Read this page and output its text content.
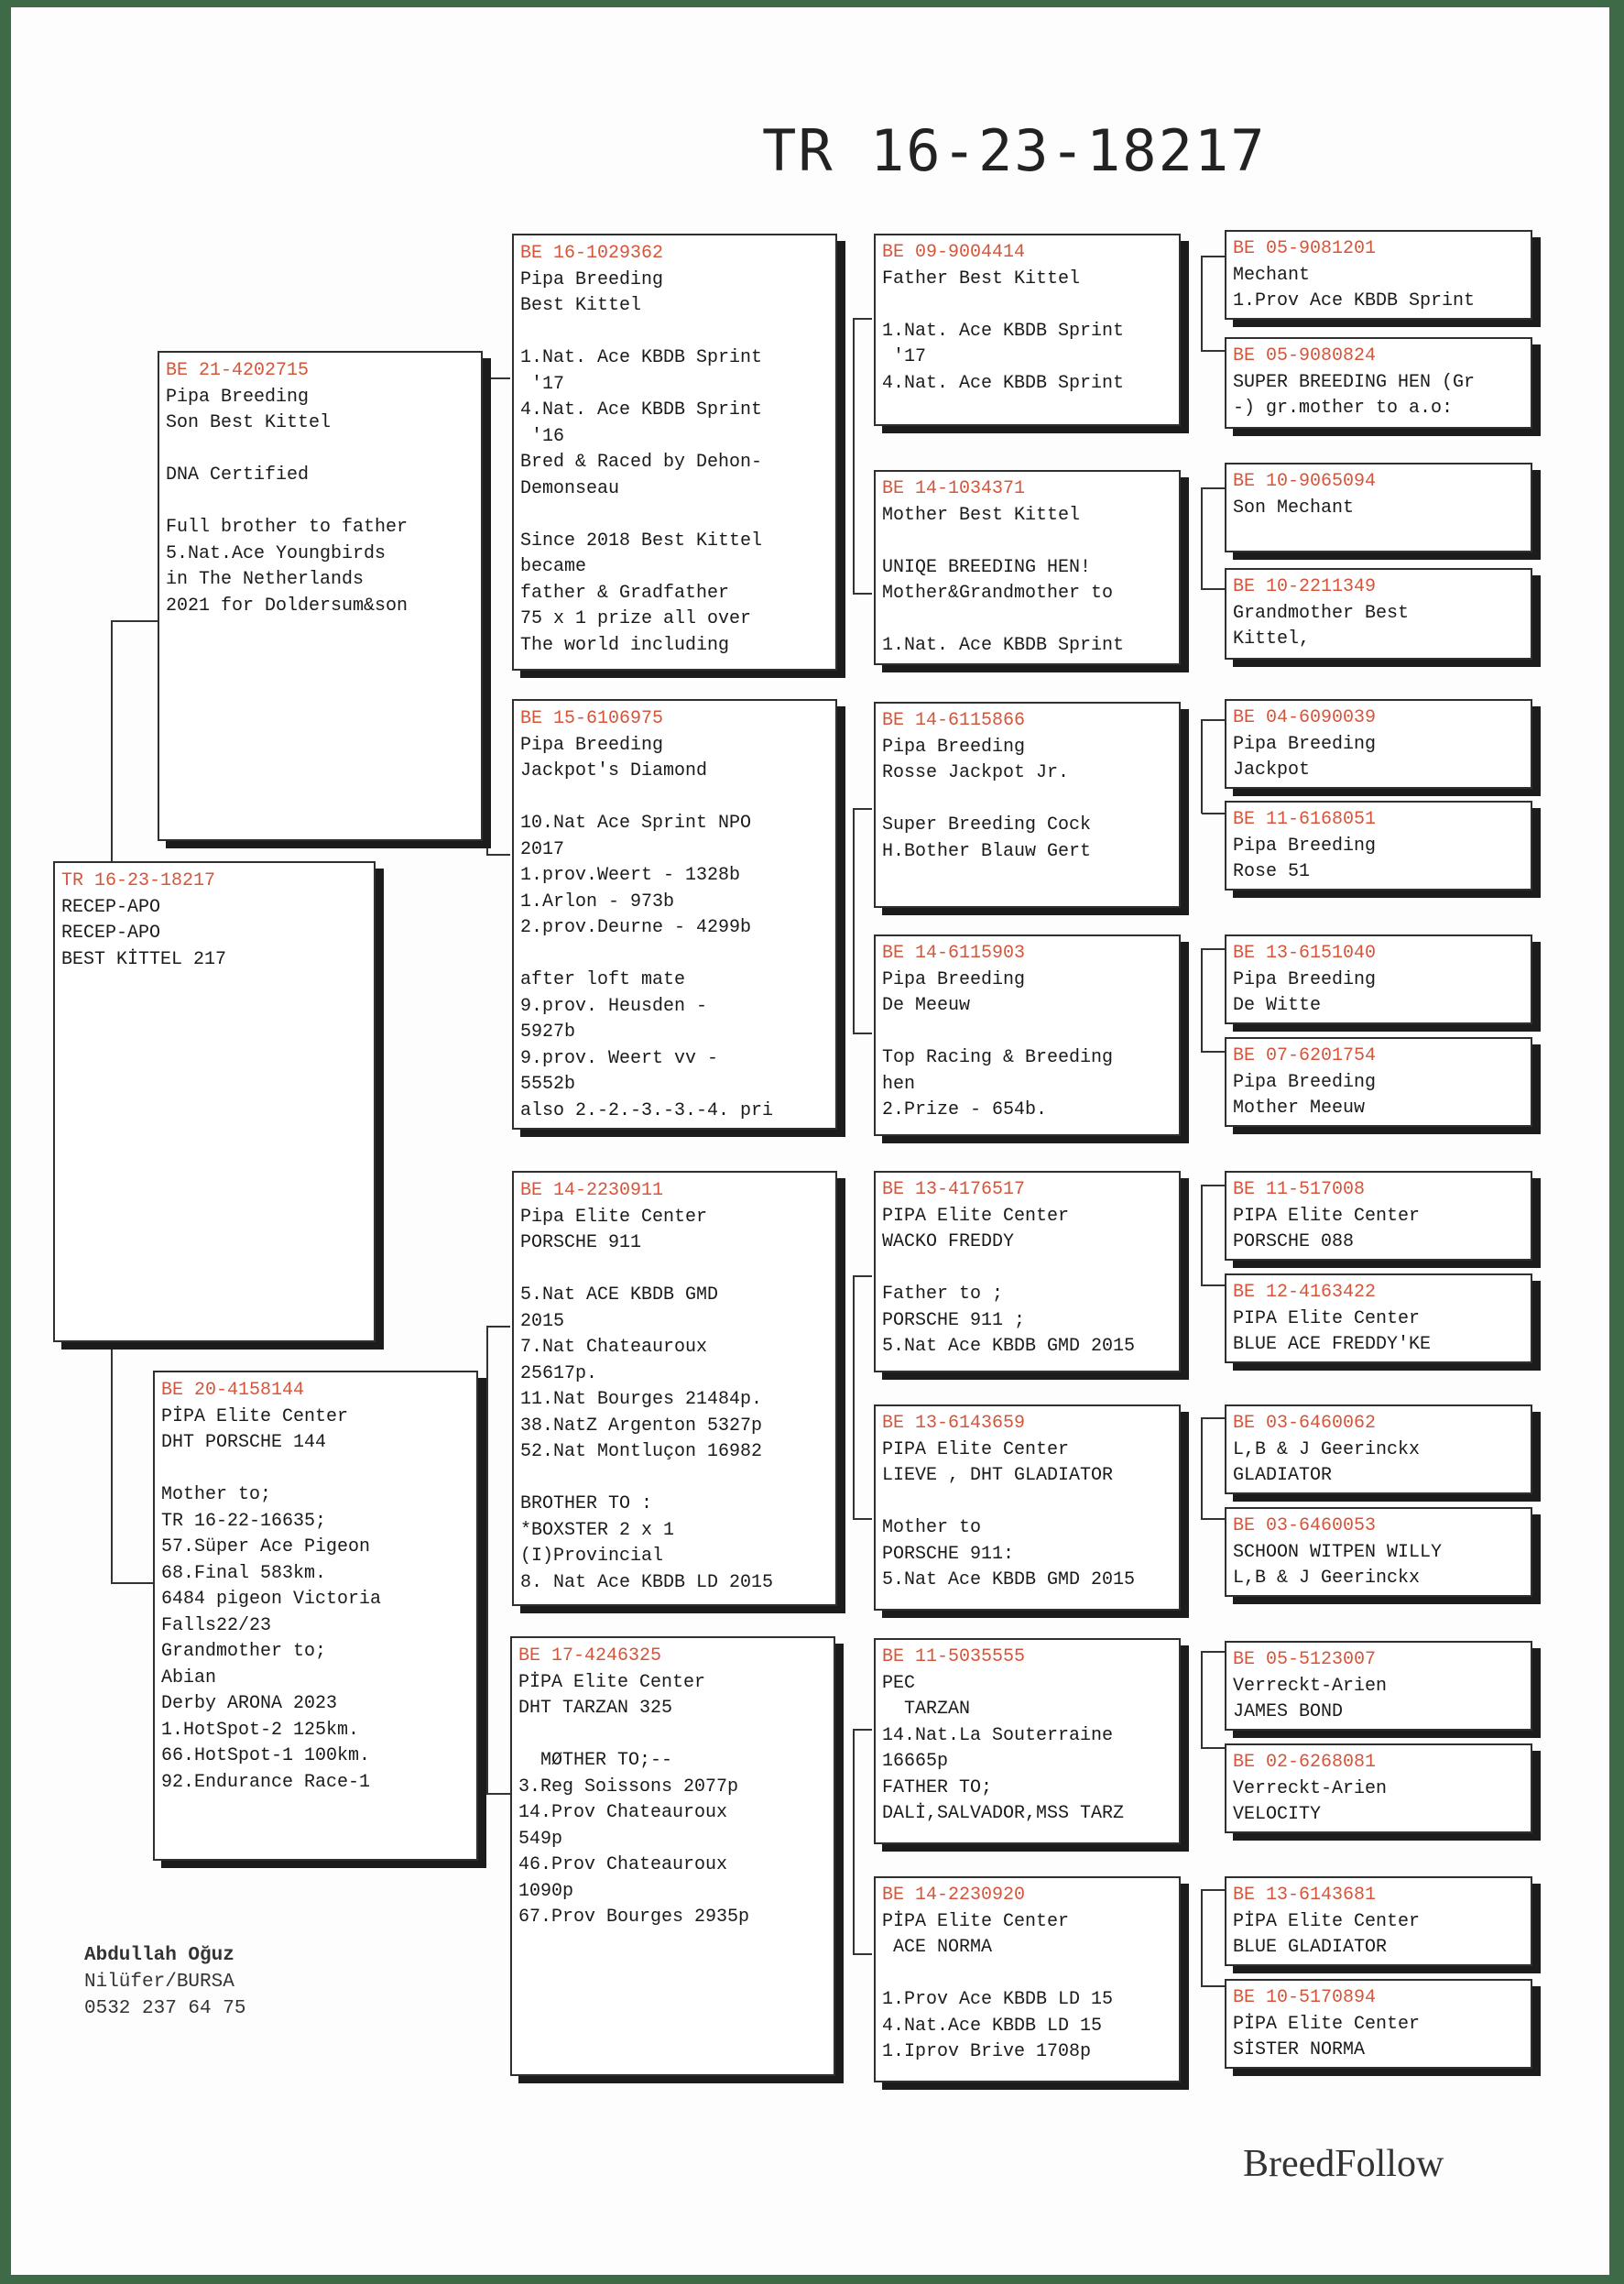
TR 16-23-18217
TR 16-23-18217
RECEP-APO
RECEP-APO
BEST KİTTEL 217
BE 21-4202715
Pipa Breeding
Son Best Kittel
DNA Certified
Full brother to father
5.Nat.Ace Youngbirds
in The Netherlands
2021 for Doldersum&son
BE 20-4158144
PİPA Elite Center
DHT PORSCHE 144
Mother to;
TR 16-22-16635;
57.Süper Ace Pigeon
68.Final 583km.
6484 pigeon Victoria
Falls22/23
Grandmother to;
Abian
Derby ARONA 2023
1.HotSpot-2 125km.
66.HotSpot-1 100km.
92.Endurance Race-1
BE 16-1029362
Pipa Breeding
Best Kittel
1.Nat. Ace KBDB Sprint
'17
4.Nat. Ace KBDB Sprint
'16
Bred & Raced by Dehon-
Demonseau
Since 2018 Best Kittel
became
father & Gradfather
75 x 1 prize all over
The world including
BE 15-6106975
Pipa Breeding
Jackpot's Diamond
10.Nat Ace Sprint NPO
2017
1.prov.Weert - 1328b
1.Arlon - 973b
2.prov.Deurne - 4299b
after loft mate
9.prov. Heusden -
5927b
9.prov. Weert vv -
5552b
also 2.-2.-3.-3.-4. pri
BE 14-2230911
Pipa Elite Center
PORSCHE 911
5.Nat ACE KBDB GMD
2015
7.Nat Chateauroux
25617p.
11.Nat Bourges 21484p.
38.NatZ Argenton 5327p
52.Nat Montluçon 16982
BROTHER TO :
*BOXSTER 2 x 1
(I)Provincial
8. Nat Ace KBDB LD 2015
BE 17-4246325
PİPA Elite Center
DHT TARZAN 325
MØTHER TO;--
3.Reg Soissons 2077p
14.Prov Chateauroux
549p
46.Prov Chateauroux
1090p
67.Prov Bourges 2935p
BE 09-9004414
Father Best Kittel
1.Nat. Ace KBDB Sprint
'17
4.Nat. Ace KBDB Sprint
BE 14-1034371
Mother Best Kittel
UNIQE BREEDING HEN!
Mother&Grandmother to
1.Nat. Ace KBDB Sprint
BE 14-6115866
Pipa Breeding
Rosse Jackpot Jr.
Super Breeding Cock
H.Bother Blauw Gert
BE 14-6115903
Pipa Breeding
De Meeuw
Top Racing & Breeding
hen
2.Prize - 654b.
BE 13-4176517
PIPA Elite Center
WACKO FREDDY
Father to ;
PORSCHE 911 ;
5.Nat Ace KBDB GMD 2015
BE 13-6143659
PIPA Elite Center
LIEVE , DHT GLADIATOR
Mother to
PORSCHE 911:
5.Nat Ace KBDB GMD 2015
BE 11-5035555
PEC
TARZAN
14.Nat.La Souterraine
16665p
FATHER TO;
DALİ,SALVADOR,MSS TARZ
BE 14-2230920
PİPA Elite Center
ACE NORMA
1.Prov Ace KBDB LD 15
4.Nat.Ace KBDB LD 15
1.Iprov Brive 1708p
BE 05-9081201
Mechant
1.Prov Ace KBDB Sprint
BE 05-9080824
SUPER BREEDING HEN (Gr
-) gr.mother to a.o:
BE 10-9065094
Son Mechant
BE 10-2211349
Grandmother Best
Kittel,
BE 04-6090039
Pipa Breeding
Jackpot
BE 11-6168051
Pipa Breeding
Rose 51
BE 13-6151040
Pipa Breeding
De Witte
BE 07-6201754
Pipa Breeding
Mother Meeuw
BE 11-517008
PIPA Elite Center
PORSCHE 088
BE 12-4163422
PIPA Elite Center
BLUE ACE FREDDY'KE
BE 03-6460062
L,B & J Geerinckx
GLADIATOR
BE 03-6460053
SCHOON WITPEN WILLY
L,B & J Geerinckx
BE 05-5123007
Verreckt-Arien
JAMES BOND
BE 02-6268081
Verreckt-Arien
VELOCITY
BE 13-6143681
PİPA Elite Center
BLUE GLADIATOR
BE 10-5170894
PİPA Elite Center
SİSTER NORMA
Abdullah Oğuz
Nilüfer/BURSA
0532 237 64 75
BreedFollow
